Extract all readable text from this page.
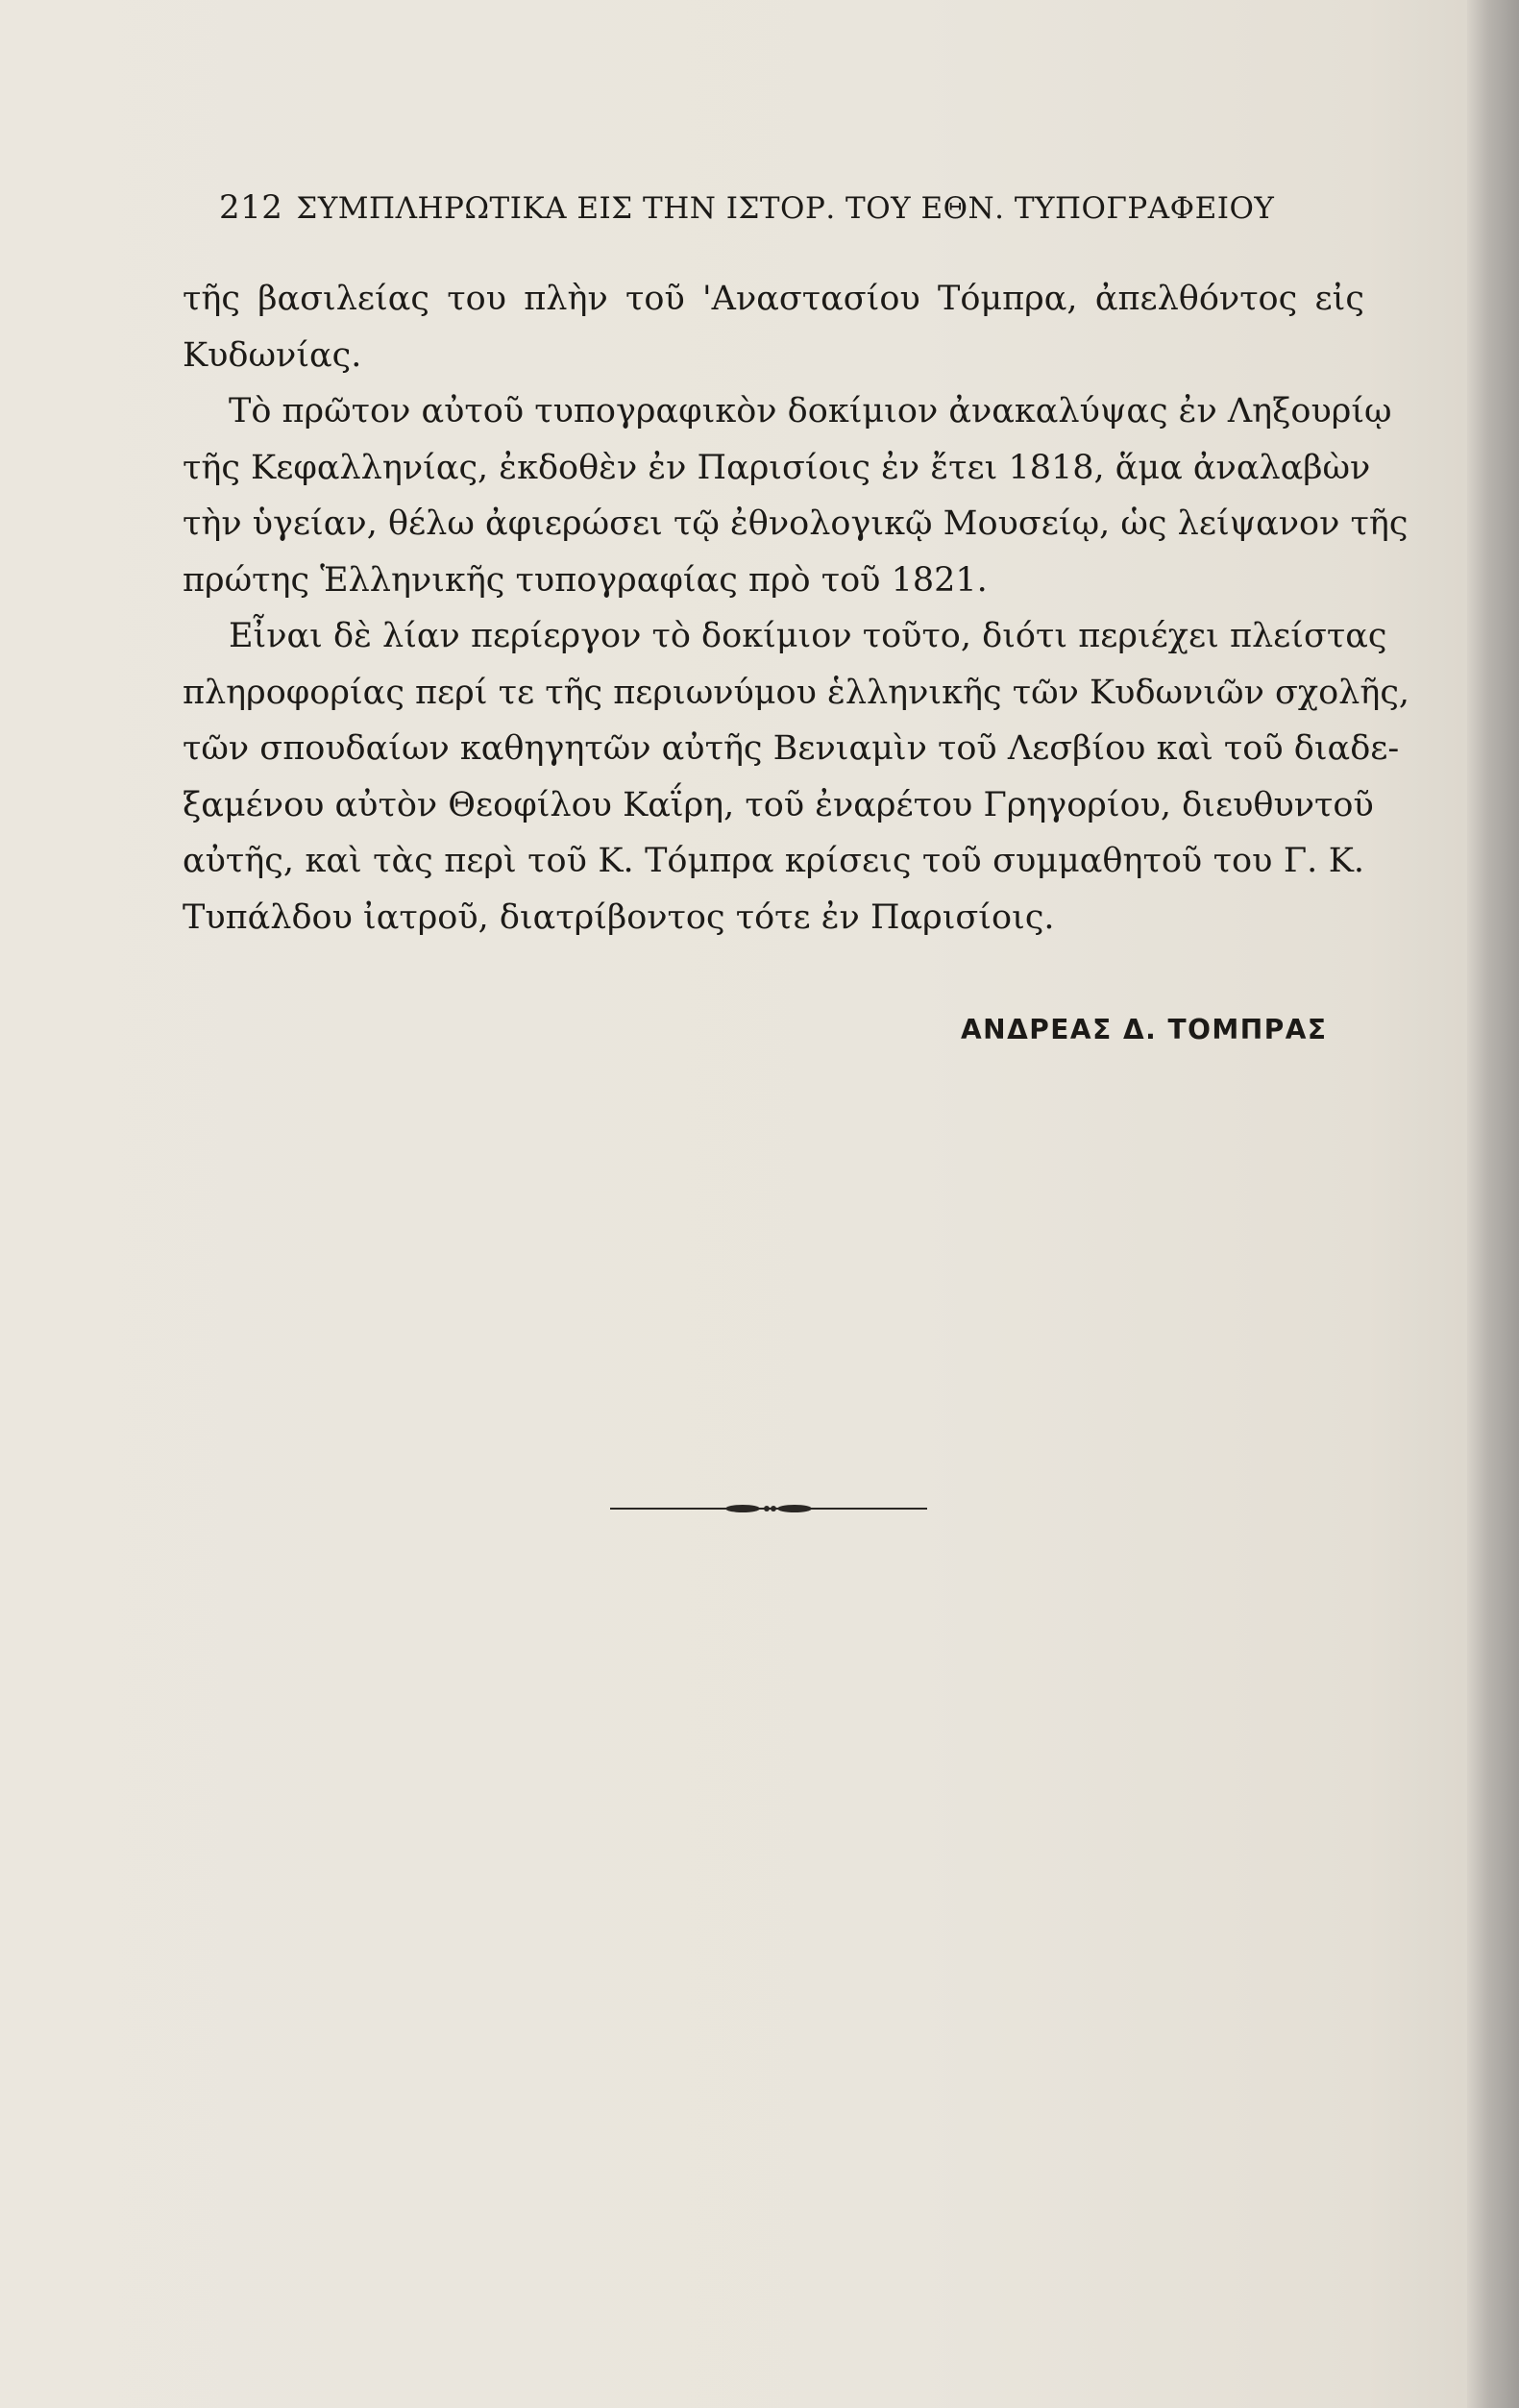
212 ΣΥΜΠΛΗΡΩΤΙΚΑ ΕΙΣ ΤΗΝ ΙΣΤΟΡ. ΤΟΥ ΕΘΝ. ΤΥΠΟΓΡΑΦΕΙΟΥ
τῆς βασιλείας του πλὴν τοῦ 'Αναστασίου Τόμπρα, ἀπελθόντος εἰς
Κυδωνίας.
Τὸ πρῶτον αὐτοῦ τυπογραφικὸν δοκίμιον ἀνακαλύψας ἐν Ληξουρίῳ
τῆς Κεφαλληνίας, ἐκδοθὲν ἐν Παρισίοις ἐν ἔτει 1818, ἅμα ἀναλαβὼν
τὴν ὑγείαν, θέλω ἀφιερώσει τῷ ἐθνολογικῷ Μουσείῳ, ὡς λείψανον τῆς
πρώτης Ἑλληνικῆς τυπογραφίας πρὸ τοῦ 1821.
Εἶναι δὲ λίαν περίεργον τὸ δοκίμιον τοῦτο, διότι περιέχει πλείστας
πληροφορίας περί τε τῆς περιωνύμου ἑλληνικῆς τῶν Κυδωνιῶν σχολῆς,
τῶν σπουδαίων καθηγητῶν αὐτῆς Βενιαμὶν τοῦ Λεσβίου καὶ τοῦ διαδε-
ξαμένου αὐτὸν Θεοφίλου Καΐρη, τοῦ ἐναρέτου Γρηγορίου, διευθυντοῦ
αὐτῆς, καὶ τὰς περὶ τοῦ Κ. Τόμπρα κρίσεις τοῦ συμμαθητοῦ του Γ. Κ.
Τυπάλδου ἰατροῦ, διατρίβοντος τότε ἐν Παρισίοις.
ΑΝΔΡΕΑΣ Δ. ΤΟΜΠΡΑΣ
